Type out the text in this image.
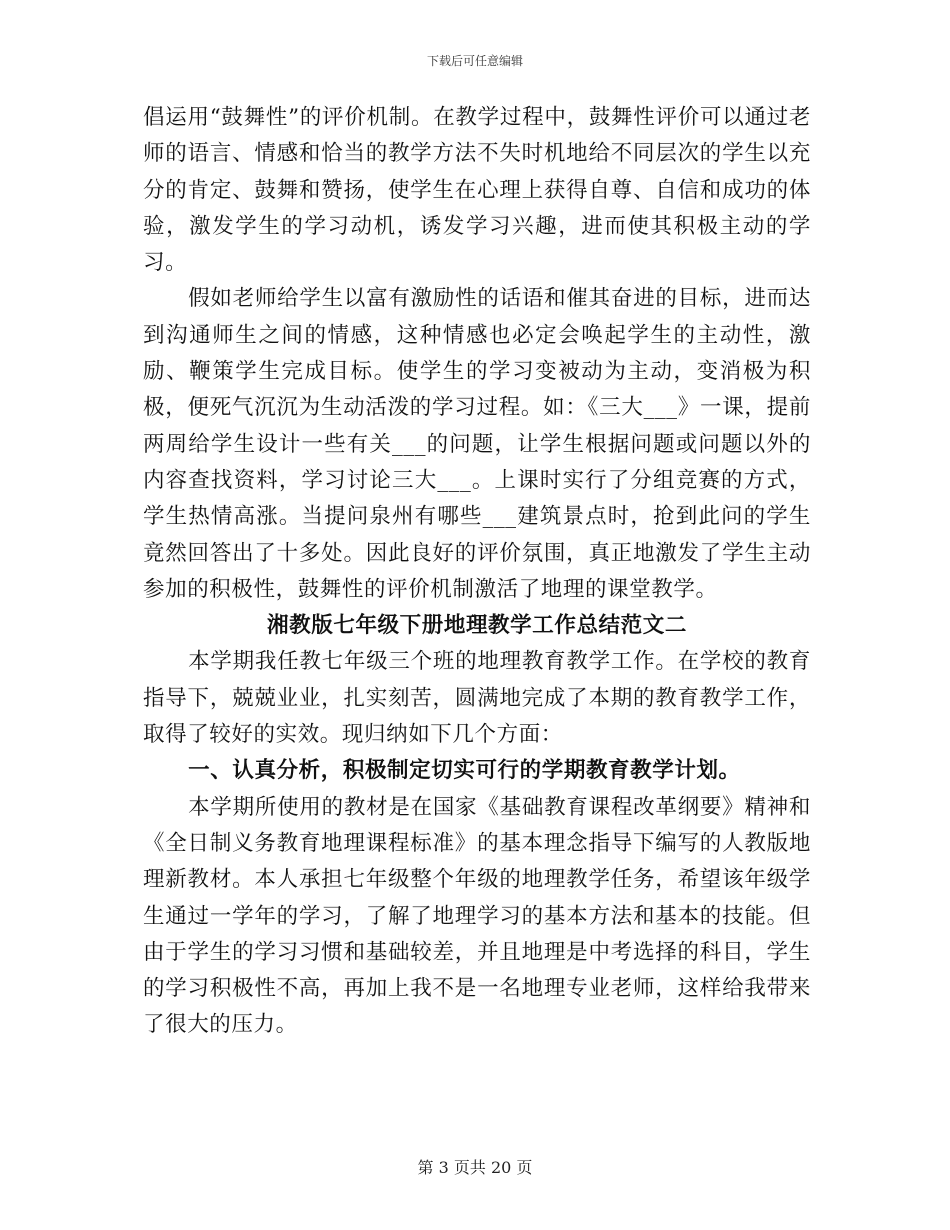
下载后可任意编辑

倡运用“鼓舞性”的评价机制。在教学过程中，鼓舞性评价可以通过老师的语言、情感和恰当的教学方法不失时机地给不同层次的学生以充分的肯定、鼓舞和赞扬，使学生在心理上获得自尊、自信和成功的体验，激发学生的学习动机，诱发学习兴趣，进而使其积极主动的学习。

假如老师给学生以富有激励性的话语和催其奋进的目标，进而达到沟通师生之间的情感，这种情感也必定会唤起学生的主动性，激励、鞭策学生完成目标。使学生的学习变被动为主动，变消极为积极，便死气沉沉为生动活泼的学习过程。如：《三大___》一课，提前两周给学生设计一些有关___的问题，让学生根据问题或问题以外的内容查找资料，学习讨论三大___。上课时实行了分组竞赛的方式，学生热情高涨。当提问泉州有哪些___建筑景点时，抢到此问的学生竟然回答出了十多处。因此良好的评价氛围，真正地激发了学生主动参加的积极性，鼓舞性的评价机制激活了地理的课堂教学。

湘教版七年级下册地理教学工作总结范文二

本学期我任教七年级三个班的地理教育教学工作。在学校的教育指导下，兢兢业业，扎实刻苦，圆满地完成了本期的教育教学工作，取得了较好的实效。现归纳如下几个方面：

一、认真分析，积极制定切实可行的学期教育教学计划。

本学期所使用的教材是在国家《基础教育课程改革纲要》精神和《全日制义务教育地理课程标准》的基本理念指导下编写的人教版地理新教材。本人承担七年级整个年级的地理教学任务，希望该年级学生通过一学年的学习，了解了地理学习的基本方法和基本的技能。但由于学生的学习习惯和基础较差，并且地理是中考选择的科目，学生的学习积极性不高，再加上我不是一名地理专业老师，这样给我带来了很大的压力。

第 3 页共 20 页
